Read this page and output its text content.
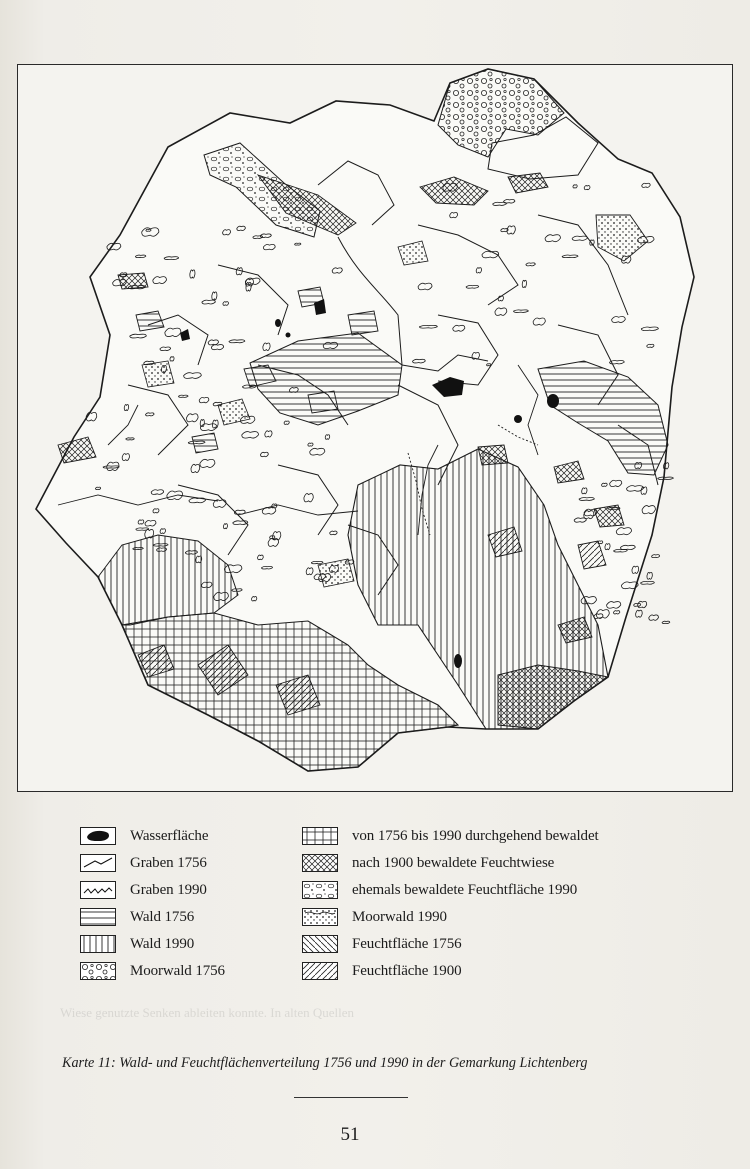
Wiese genutzte Senken ableiten konnte. In alten Quellen
Wasserfläche
Graben 1756
Graben 1990
Wald 1756
Wald 1990
Moorwald 1756
von 1756 bis 1990 durchgehend bewaldet
nach 1900 bewaldete Feuchtwiese
ehemals bewaldete Feuchtfläche 1990
Moorwald 1990
Feuchtfläche 1756
Feuchtfläche 1900
Karte 11: Wald- und Feuchtflächenverteilung 1756 und 1990 in der Gemarkung Lichtenberg
51
